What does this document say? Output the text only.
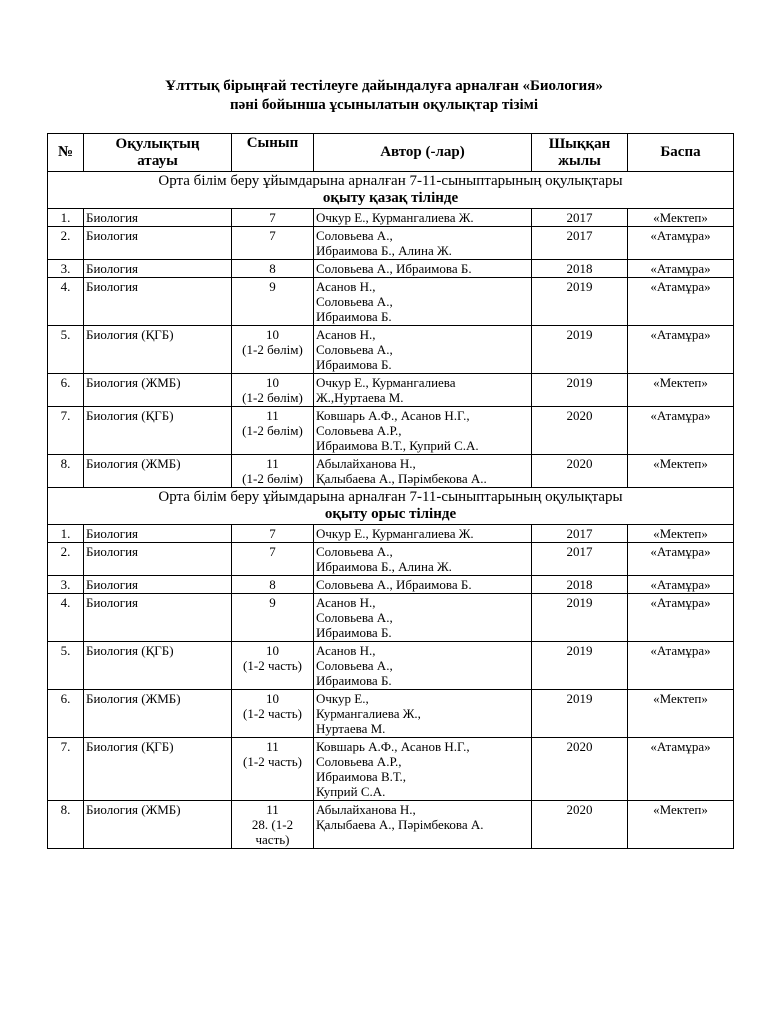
Ұлттық бірыңғай тестілеуге дайындалуға арналған «Биология»
пәні бойынша ұсынылатын оқулықтар тізімі
№	Оқулықтың
атауы	Сынып	Автор (-лар)	Шыққан
жылы	Баспа

Орта білім беру ұйымдарына арналған 7-11-сыныптарының оқулықтары
оқыту қазақ тілінде					

1.	Биология	7	Очкур Е., Курмангалиева Ж.	2017	«Мектеп»
2.	Биология	7	Соловьева А.,
Ибраимова Б., Алина Ж.	2017	«Атамұра»
3.	Биология	8	Соловьева А., Ибраимова Б.	2018	«Атамұра»
4.	Биология	9	Асанов Н.,
Соловьева А.,
Ибраимова Б.	2019	«Атамұра»
5.	Биология (ҚГБ)	10
(1-2 бөлім)	Асанов Н.,
Соловьева А.,
Ибраимова Б.	2019	«Атамұра»
6.	Биология (ЖМБ)	10
(1-2 бөлім)	Очкур Е., Курмангалиева
Ж.,Нуртаева М.	2019	«Мектеп»
7.	Биология (ҚГБ)	11
(1-2 бөлім)	Ковшарь А.Ф., Асанов Н.Г.,
Соловьева А.Р.,
Ибраимова В.Т., Куприй С.А.	2020	«Атамұра»
8.	Биология (ЖМБ)	11
(1-2 бөлім)	Абылайханова Н.,
Қалыбаева А., Пәрімбекова А..	2020	«Мектеп»

Орта білім беру ұйымдарына арналған 7-11-сыныптарының оқулықтары
оқыту орыс тілінде					

1.	Биология	7	Очкур Е., Курмангалиева Ж.	2017	«Мектеп»
2.	Биология	7	Соловьева А.,
Ибраимова Б., Алина Ж.	2017	«Атамұра»
3.	Биология	8	Соловьева А., Ибраимова Б.	2018	«Атамұра»
4.	Биология	9	Асанов Н.,
Соловьева А.,
Ибраимова Б.	2019	«Атамұра»
5.	Биология (ҚГБ)	10
(1-2 часть)	Асанов Н.,
Соловьева А.,
Ибраимова Б.	2019	«Атамұра»
6.	Биология (ЖМБ)	10
(1-2 часть)	Очкур Е.,
Курмангалиева Ж.,
Нуртаева М.	2019	«Мектеп»
7.	Биология (ҚГБ)	11
(1-2 часть)	Ковшарь А.Ф., Асанов Н.Г.,
Соловьева А.Р.,
Ибраимова В.Т.,
Куприй С.А.	2020	«Атамұра»
8.	Биология (ЖМБ)	11
28. (1-2
часть)	Абылайханова Н.,
Қалыбаева А., Пәрімбекова А.	2020	«Мектеп»
